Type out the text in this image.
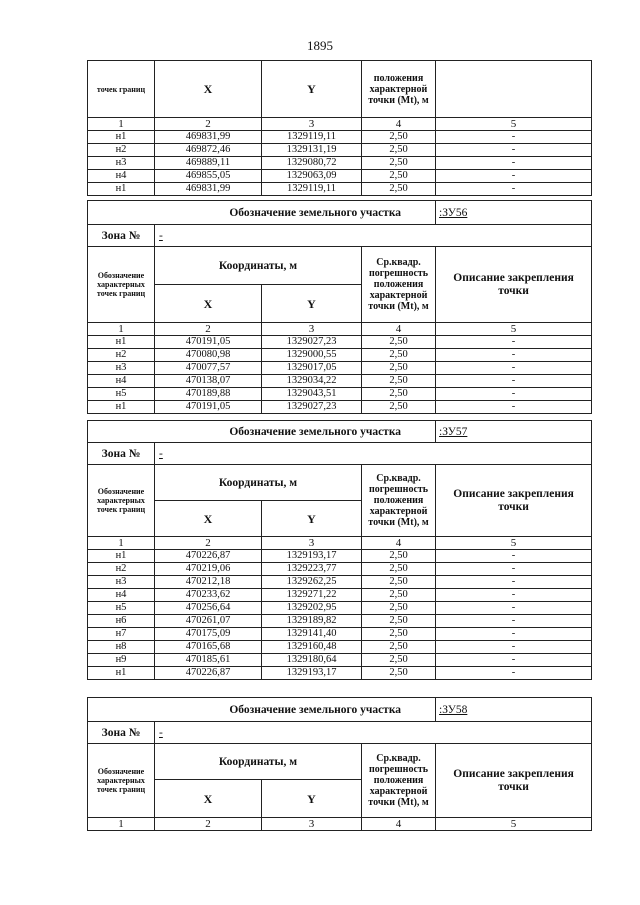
1895
точек границ	X	Y	положения характерной точки (Mt), м	
1	2	3	4	5
н1	469831,99	1329119,11	2,50	-
н2	469872,46	1329131,19	2,50	-
н3	469889,11	1329080,72	2,50	-
н4	469855,05	1329063,09	2,50	-
н1	469831,99	1329119,11	2,50	-
Обозначение земельного участка				:ЗУ56
Зона №	-			
Обозначение характерных точек границ	Координаты, м		Ср.квадр. погрешность положения характерной точки (Mt), м	Описание закрепления точки
	X	Y		
1	2	3	4	5
н1	470191,05	1329027,23	2,50	-
н2	470080,98	1329000,55	2,50	-
н3	470077,57	1329017,05	2,50	-
н4	470138,07	1329034,22	2,50	-
н5	470189,88	1329043,51	2,50	-
н1	470191,05	1329027,23	2,50	-
Обозначение земельного участка				:ЗУ57
Зона №	-			
Обозначение характерных точек границ	Координаты, м		Ср.квадр. погрешность положения характерной точки (Mt), м	Описание закрепления точки
	X	Y		
1	2	3	4	5
н1	470226,87	1329193,17	2,50	-
н2	470219,06	1329223,77	2,50	-
н3	470212,18	1329262,25	2,50	-
н4	470233,62	1329271,22	2,50	-
н5	470256,64	1329202,95	2,50	-
н6	470261,07	1329189,82	2,50	-
н7	470175,09	1329141,40	2,50	-
н8	470165,68	1329160,48	2,50	-
н9	470185,61	1329180,64	2,50	-
н1	470226,87	1329193,17	2,50	-
Обозначение земельного участка				:ЗУ58
Зона №	-			
Обозначение характерных точек границ	Координаты, м		Ср.квадр. погрешность положения характерной точки (Mt), м	Описание закрепления точки
	X	Y		
1	2	3	4	5
